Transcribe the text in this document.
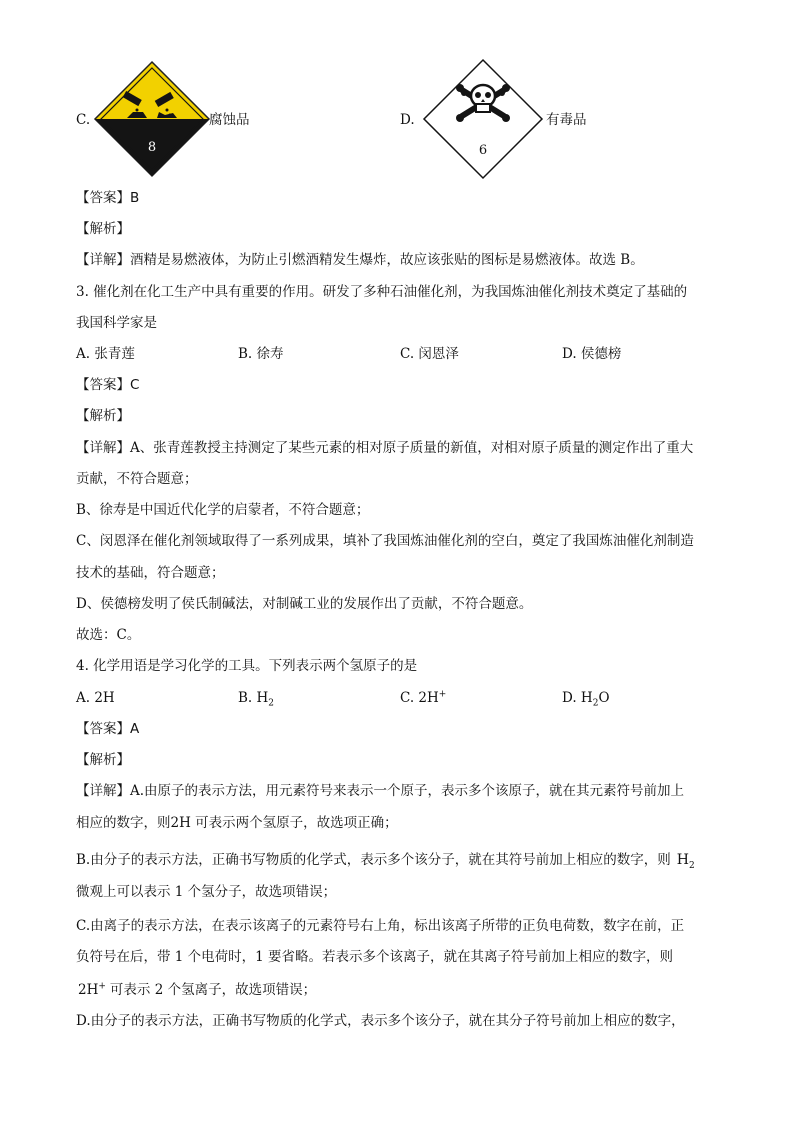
C.
8
腐蚀品	D.
6
有毒品
【答案】B
【解析】
【详解】酒精是易燃液体，为防止引燃酒精发生爆炸，故应该张贴的图标是易燃液体。故选 B。
3. 催化剂在化工生产中具有重要的作用。研发了多种石油催化剂，为我国炼油催化剂技术奠定了基础的
我国科学家是
A. 张青莲	B. 徐寿	C. 闵恩泽	D. 侯德榜
【答案】C
【解析】
【详解】A、张青莲教授主持测定了某些元素的相对原子质量的新值，对相对原子质量的测定作出了重大
贡献，不符合题意；
B、徐寿是中国近代化学的启蒙者，不符合题意；
C、闵恩泽在催化剂领域取得了一系列成果，填补了我国炼油催化剂的空白，奠定了我国炼油催化剂制造
技术的基础，符合题意；
D、侯德榜发明了侯氏制碱法，对制碱工业的发展作出了贡献，不符合题意。
故选：C。
4. 化学用语是学习化学的工具。下列表示两个氢原子的是
A. 2H	B. $H_2$	C. 2H+	D. $H_2O$
【答案】A
【解析】
【详解】A.由原子的表示方法，用元素符号来表示一个原子，表示多个该原子，就在其元素符号前加上
相应的数字，则2H 可表示两个氢原子，故选项正确；
B.由分子的表示方法，正确书写物质的化学式，表示多个该分子，就在其符号前加上相应的数字，则 $H_2$
微观上可以表示 1 个氢分子，故选项错误；
C.由离子的表示方法，在表示该离子的元素符号右上角，标出该离子所带的正负电荷数，数字在前，正
负符号在后，带 1 个电荷时，1 要省略。若表示多个该离子，就在其离子符号前加上相应的数字，则
2H+ 可表示 2 个氢离子，故选项错误；
D.由分子的表示方法，正确书写物质的化学式，表示多个该分子，就在其分子符号前加上相应的数字，
